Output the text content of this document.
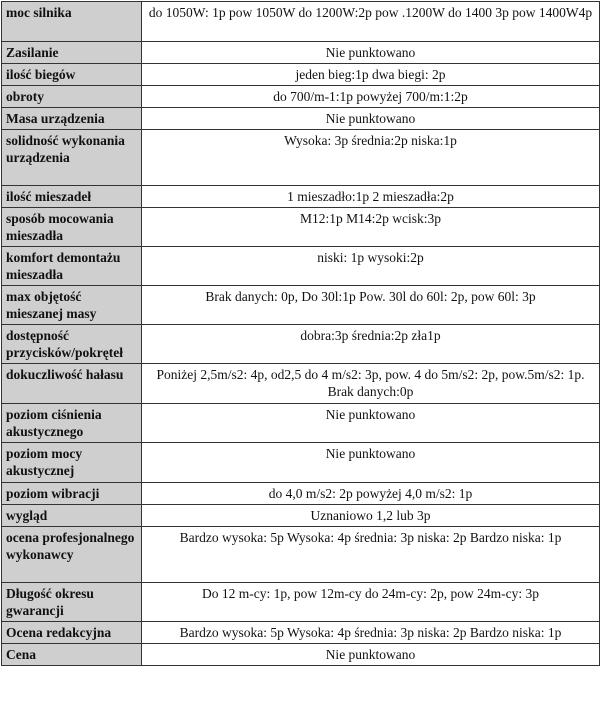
moc silnika	do 1050W: 1p pow 1050W do 1200W:2p pow .1200W do 1400 3p pow 1400W4p
Zasilanie	Nie punktowano
ilość biegów	jeden bieg:1p dwa biegi: 2p
obroty	do 700/m-1:1p powyżej 700/m:1:2p
Masa urządzenia	Nie punktowano
solidność wykonania urządzenia	Wysoka: 3p średnia:2p niska:1p
ilość mieszadeł	1 mieszadło:1p 2 mieszadła:2p
sposób mocowania mieszadła	M12:1p M14:2p wcisk:3p
komfort demontażu mieszadła	niski: 1p wysoki:2p
max objętość mieszanej masy	Brak danych: 0p, Do 30l:1p Pow. 30l do 60l: 2p, pow 60l: 3p
dostępność przycisków/pokręteł	dobra:3p średnia:2p zła1p
dokuczliwość hałasu	Poniżej 2,5m/s2: 4p, od2,5 do 4 m/s2: 3p, pow. 4 do 5m/s2: 2p, pow.5m/s2: 1p. Brak danych:0p
poziom ciśnienia akustycznego	Nie punktowano
poziom mocy akustycznej	Nie punktowano
poziom wibracji	do 4,0 m/s2: 2p powyżej 4,0 m/s2: 1p
wygląd	Uznaniowo 1,2 lub 3p
ocena profesjonalnego wykonawcy	Bardzo wysoka: 5p Wysoka: 4p średnia: 3p niska: 2p Bardzo niska: 1p
Długość okresu gwarancji	Do 12 m-cy: 1p, pow 12m-cy do 24m-cy: 2p, pow 24m-cy: 3p
Ocena redakcyjna	Bardzo wysoka: 5p Wysoka: 4p średnia: 3p niska: 2p Bardzo niska: 1p
Cena	Nie punktowano
